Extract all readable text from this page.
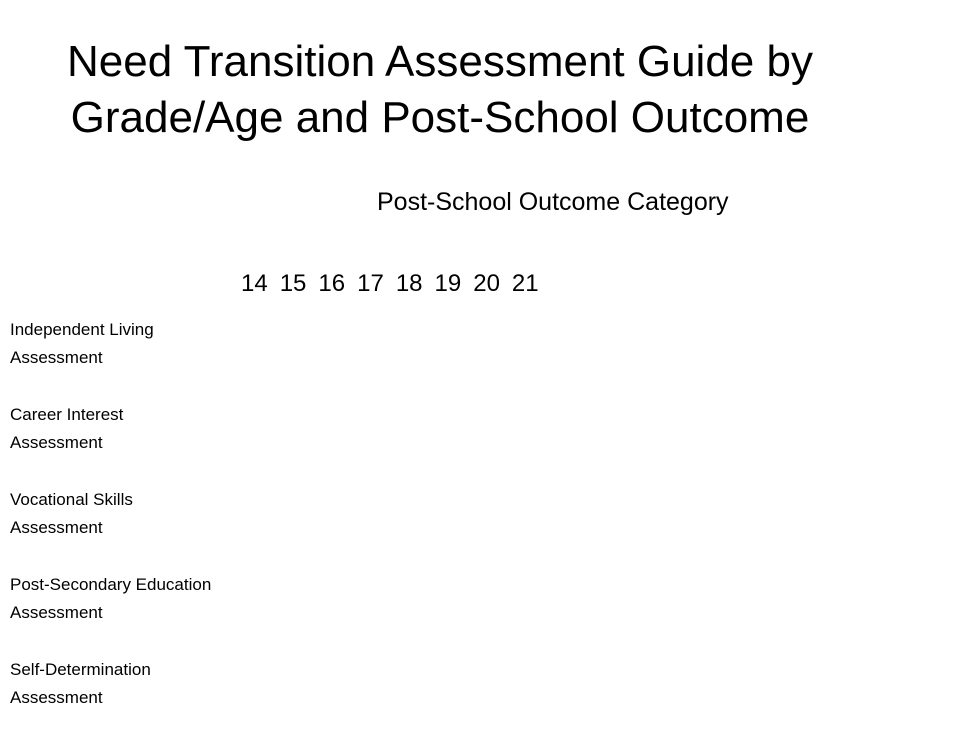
Need Transition Assessment Guide by
Grade/Age and Post-School Outcome
Post-School Outcome Category
14 15 16 17 18 19 20 21
Independent Living
Assessment
Career Interest
Assessment
Vocational Skills
Assessment
Post-Secondary Education
Assessment
Self-Determination
Assessment
